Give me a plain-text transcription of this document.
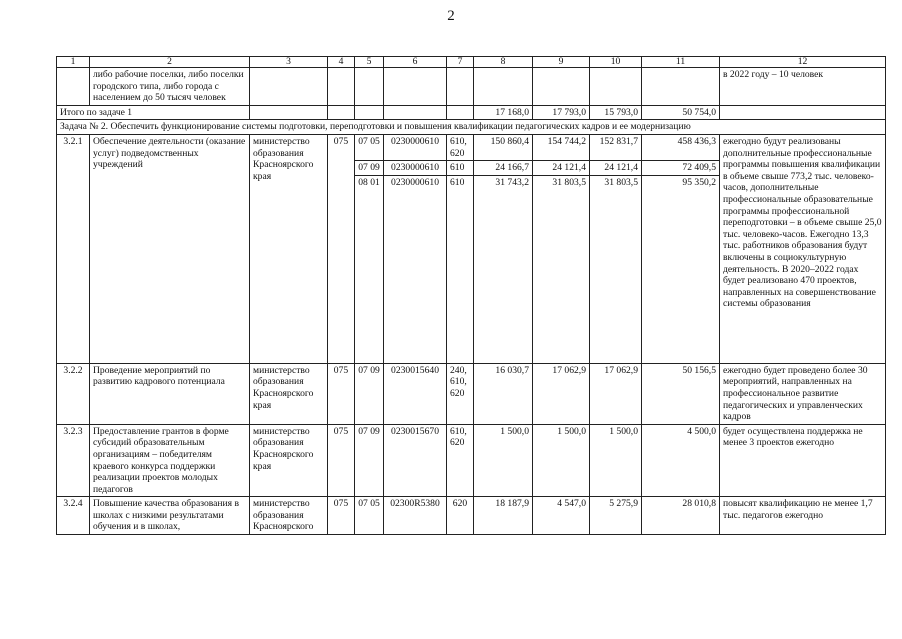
2
1	2	3	4	5	6	7	8	9	10	11	12
	либо рабочие поселки, либо поселки городского типа, либо города с населением до 50 тысяч человек										в 2022 году – 10 человек
Итого по задаче 1							17 168,0	17 793,0	15 793,0	50 754,0	
Задача № 2. Обеспечить функционирование системы подготовки, переподготовки и повышения квалификации педагогических кадров и ее модернизацию											
3.2.1	Обеспечение деятельности (оказание услуг) подведомственных учреждений	министерство образования Красноярского края	075	07 05	0230000610	610, 620	150 860,4	154 744,2	152 831,7	458 436,3	ежегодно будут реализованы дополнительные профессиональные программы повышения квалификации в объеме свыше 773,2 тыс. человеко-часов, дополнительные профессиональные образовательные программы профессиональной переподготовки – в объеме свыше 25,0 тыс. человеко-часов. Ежегодно 13,3 тыс. работников образования будут включены в социокультурную деятельность. В 2020–2022 годах будет реализовано 470 проектов, направленных на совершенствование системы образования
				07 09	0230000610	610	24 166,7	24 121,4	24 121,4	72 409,5	
				08 01	0230000610	610	31 743,2	31 803,5	31 803,5	95 350,2	
3.2.2	Проведение мероприятий по развитию кадрового потенциала	министерство образования Красноярского края	075	07 09	0230015640	240, 610, 620	16 030,7	17 062,9	17 062,9	50 156,5	ежегодно будет проведено более 30 мероприятий, направленных на профессиональное развитие педагогических и управленческих кадров
3.2.3	Предоставление грантов в форме субсидий образовательным организациям – победителям краевого конкурса поддержки реализации проектов молодых педагогов	министерство образования Красноярского края	075	07 09	0230015670	610, 620	1 500,0	1 500,0	1 500,0	4 500,0	будет осуществлена поддержка не менее 3 проектов ежегодно
3.2.4	Повышение качества образования в школах с низкими результатами обучения и в школах,	министерство образования Красноярского	075	07 05	02300R5380	620	18 187,9	4 547,0	5 275,9	28 010,8	повысят квалификацию не менее 1,7 тыс. педагогов ежегодно
